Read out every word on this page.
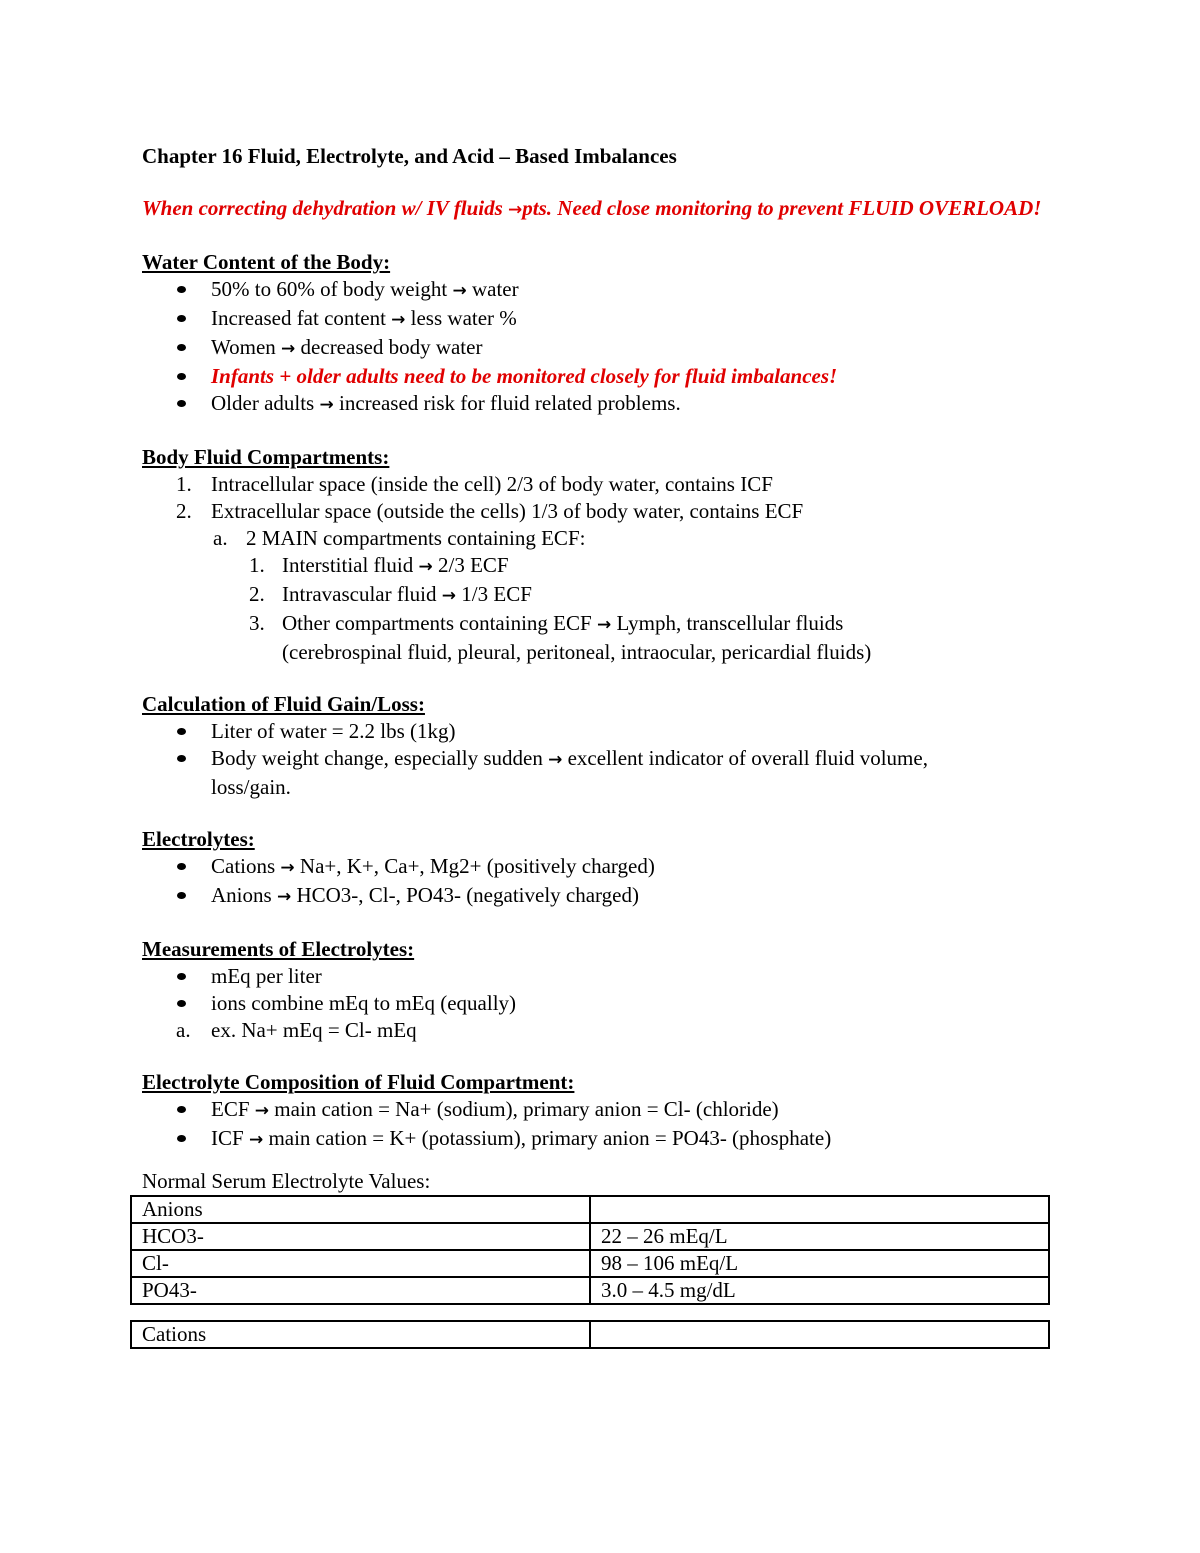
Chapter 16 Fluid, Electrolyte, and Acid – Based Imbalances
When correcting dehydration w/ IV fluids →pts. Need close monitoring to prevent FLUID OVERLOAD!
Water Content of the Body:
50% to 60% of body weight → water
Increased fat content → less water %
Women → decreased body water
Infants + older adults need to be monitored closely for fluid imbalances!
Older adults → increased risk for fluid related problems.
Body Fluid Compartments:
1. Intracellular space (inside the cell) 2/3 of body water, contains ICF
2. Extracellular space (outside the cells) 1/3 of body water, contains ECF
a. 2 MAIN compartments containing ECF:
1. Interstitial fluid → 2/3 ECF
2. Intravascular fluid → 1/3 ECF
3. Other compartments containing ECF → Lymph, transcellular fluids
(cerebrospinal fluid, pleural, peritoneal, intraocular, pericardial fluids)
Calculation of Fluid Gain/Loss:
Liter of water = 2.2 lbs (1kg)
Body weight change, especially sudden → excellent indicator of overall fluid volume,
loss/gain.
Electrolytes:
Cations → Na+, K+, Ca+, Mg2+ (positively charged)
Anions → HCO3-, Cl-, PO43- (negatively charged)
Measurements of Electrolytes:
mEq per liter
ions combine mEq to mEq (equally)
a. ex. Na+ mEq = Cl- mEq
Electrolyte Composition of Fluid Compartment:
ECF → main cation = Na+ (sodium), primary anion = Cl- (chloride)
ICF → main cation = K+ (potassium), primary anion = PO43- (phosphate)
Normal Serum Electrolyte Values:
Anions	
HCO3-	22 – 26 mEq/L
Cl-	98 – 106 mEq/L
PO43-	3.0 – 4.5 mg/dL
Cations	
